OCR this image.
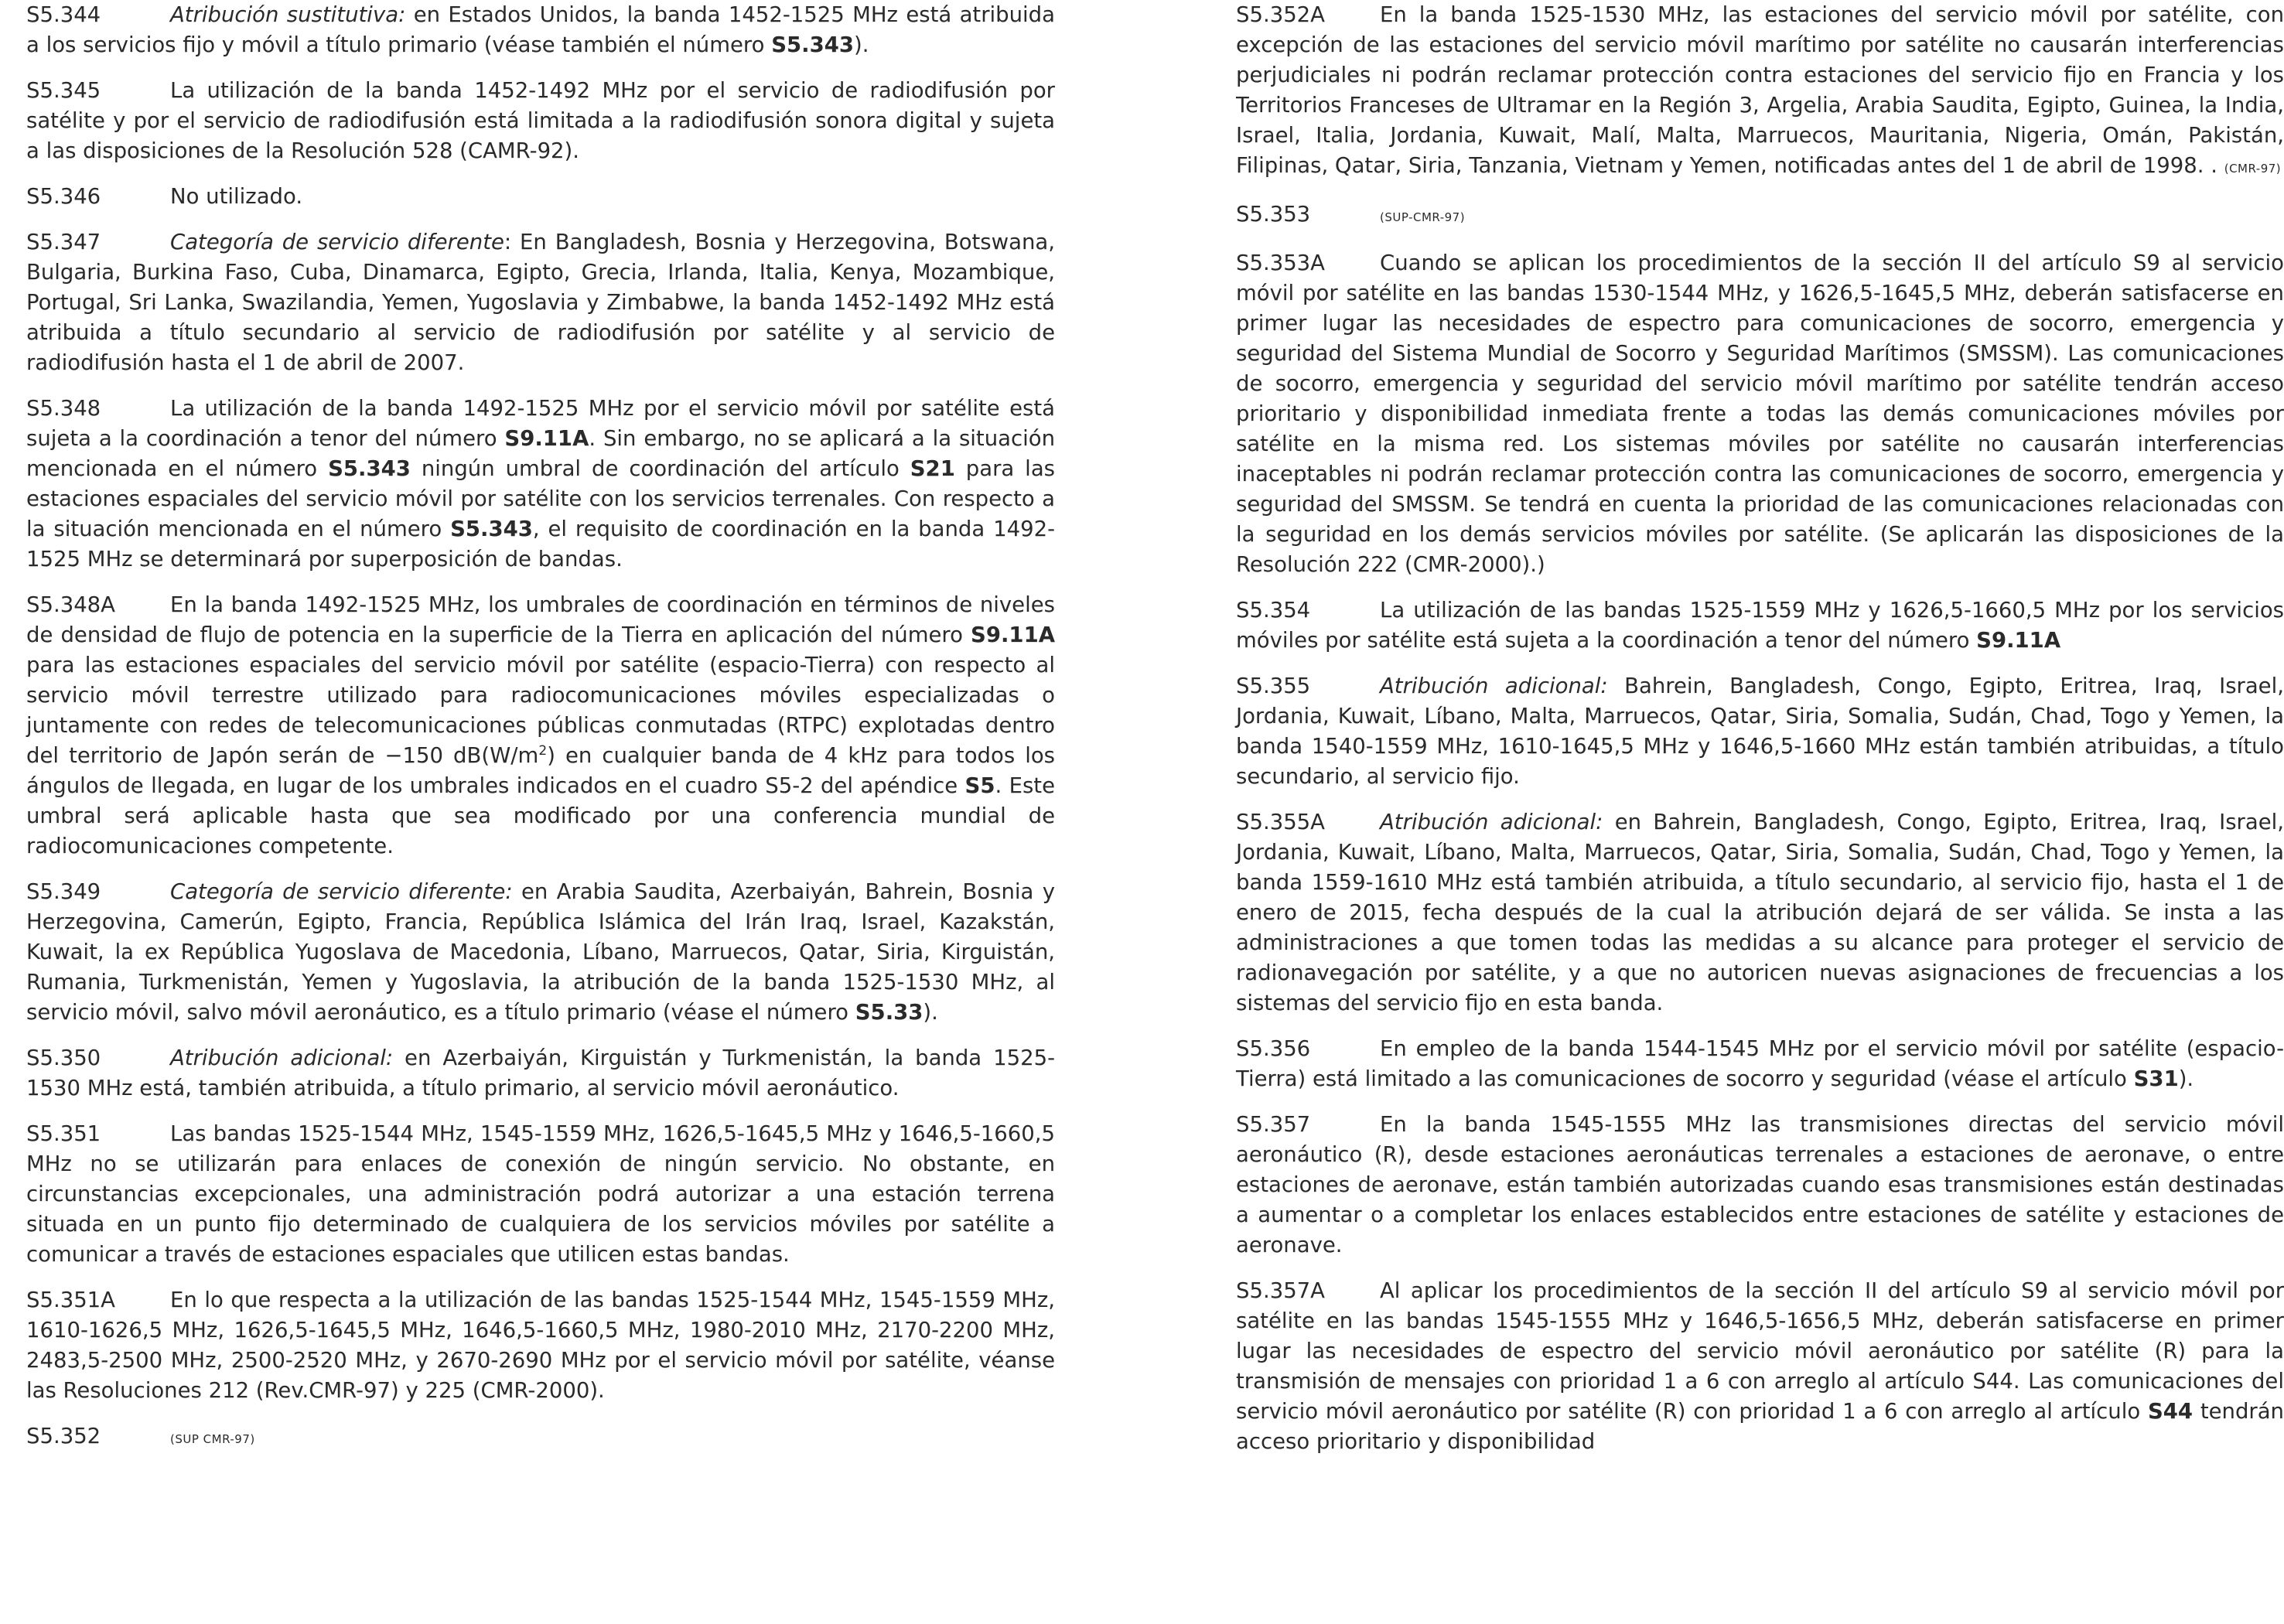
S5.344	Atribución sustitutiva: en Estados Unidos, la banda 1452-1525 MHz está atribuida a los servicios fijo y móvil a título primario (véase también el número S5.343).

S5.345	La utilización de la banda 1452-1492 MHz por el servicio de radiodifusión por satélite y por el servicio de radiodifusión está limitada a la radiodifusión sonora digital y sujeta a las disposiciones de la Resolución 528 (CAMR-92).

S5.346	No utilizado.

S5.347	Categoría de servicio diferente: En Bangladesh, Bosnia y Herzegovina, Botswana, Bulgaria, Burkina Faso, Cuba, Dinamarca, Egipto, Grecia, Irlanda, Italia, Kenya, Mozambique, Portugal, Sri Lanka, Swazilandia, Yemen, Yugoslavia y Zimbabwe, la banda 1452-1492 MHz está atribuida a título secundario al servicio de radiodifusión por satélite y al servicio de radiodifusión hasta el 1 de abril de 2007.

S5.348	La utilización de la banda 1492-1525 MHz por el servicio móvil por satélite está sujeta a la coordinación a tenor del número S9.11A. Sin embargo, no se aplicará a la situación mencionada en el número S5.343 ningún umbral de coordinación del artículo S21 para las estaciones espaciales del servicio móvil por satélite con los servicios terrenales. Con respecto a la situación mencionada en el número S5.343, el requisito de coordinación en la banda 1492-1525 MHz se determinará por superposición de bandas.

S5.348A	En la banda 1492-1525 MHz, los umbrales de coordinación en términos de niveles de densidad de flujo de potencia en la superficie de la Tierra en aplicación del número S9.11A para las estaciones espaciales del servicio móvil por satélite (espacio-Tierra) con respecto al servicio móvil terrestre utilizado para radiocomunicaciones móviles especializadas o juntamente con redes de telecomunicaciones públicas conmutadas (RTPC) explotadas dentro del territorio de Japón serán de −150 $dB(W/m^2)$ en cualquier banda de 4 kHz para todos los ángulos de llegada, en lugar de los umbrales indicados en el cuadro S5-2 del apéndice S5. Este umbral será aplicable hasta que sea modificado por una conferencia mundial de radiocomunicaciones competente.

S5.349	Categoría de servicio diferente: en Arabia Saudita, Azerbaiyán, Bahrein, Bosnia y Herzegovina, Camerún, Egipto, Francia, República Islámica del Irán Iraq, Israel, Kazakstán, Kuwait, la ex República Yugoslava de Macedonia, Líbano, Marruecos, Qatar, Siria, Kirguistán, Rumania, Turkmenistán, Yemen y Yugoslavia, la atribución de la banda 1525-1530 MHz, al servicio móvil, salvo móvil aeronáutico, es a título primario (véase el número S5.33).

S5.350	Atribución adicional: en Azerbaiyán, Kirguistán y Turkmenistán, la banda 1525-1530 MHz está, también atribuida, a título primario, al servicio móvil aeronáutico.

S5.351	Las bandas 1525-1544 MHz, 1545-1559 MHz, 1626,5-1645,5 MHz y 1646,5-1660,5 MHz no se utilizarán para enlaces de conexión de ningún servicio. No obstante, en circunstancias excepcionales, una administración podrá autorizar a una estación terrena situada en un punto fijo determinado de cualquiera de los servicios móviles por satélite a comunicar a través de estaciones espaciales que utilicen estas bandas.

S5.351A	En lo que respecta a la utilización de las bandas 1525-1544 MHz, 1545-1559 MHz, 1610-1626,5 MHz, 1626,5-1645,5 MHz, 1646,5-1660,5 MHz, 1980-2010 MHz, 2170-2200 MHz, 2483,5-2500 MHz, 2500-2520 MHz, y 2670-2690 MHz por el servicio móvil por satélite, véanse las Resoluciones 212 (Rev.CMR-97) y 225 (CMR-2000).

S5.352	(SUP CMR-97)

S5.352A	En la banda 1525-1530 MHz, las estaciones del servicio móvil por satélite, con excepción de las estaciones del servicio móvil marítimo por satélite no causarán interferencias perjudiciales ni podrán reclamar protección contra estaciones del servicio fijo en Francia y los Territorios Franceses de Ultramar en la Región 3, Argelia, Arabia Saudita, Egipto, Guinea, la India, Israel, Italia, Jordania, Kuwait, Malí, Malta, Marruecos, Mauritania, Nigeria, Omán, Pakistán, Filipinas, Qatar, Siria, Tanzania, Vietnam y Yemen, notificadas antes del 1 de abril de 1998. . (CMR-97)

S5.353	(SUP-CMR-97)

S5.353A	Cuando se aplican los procedimientos de la sección II del artículo S9 al servicio móvil por satélite en las bandas 1530-1544 MHz, y 1626,5-1645,5 MHz, deberán satisfacerse en primer lugar las necesidades de espectro para comunicaciones de socorro, emergencia y seguridad del Sistema Mundial de Socorro y Seguridad Marítimos (SMSSM). Las comunicaciones de socorro, emergencia y seguridad del servicio móvil marítimo por satélite tendrán acceso prioritario y disponibilidad inmediata frente a todas las demás comunicaciones móviles por satélite en la misma red. Los sistemas móviles por satélite no causarán interferencias inaceptables ni podrán reclamar protección contra las comunicaciones de socorro, emergencia y seguridad del SMSSM. Se tendrá en cuenta la prioridad de las comunicaciones relacionadas con la seguridad en los demás servicios móviles por satélite. (Se aplicarán las disposiciones de la Resolución 222 (CMR-2000).)

S5.354	La utilización de las bandas 1525-1559 MHz y 1626,5-1660,5 MHz por los servicios móviles por satélite está sujeta a la coordinación a tenor del número S9.11A

S5.355	Atribución adicional: Bahrein, Bangladesh, Congo, Egipto, Eritrea, Iraq, Israel, Jordania, Kuwait, Líbano, Malta, Marruecos, Qatar, Siria, Somalia, Sudán, Chad, Togo y Yemen, la banda 1540-1559 MHz, 1610-1645,5 MHz y 1646,5-1660 MHz están también atribuidas, a título secundario, al servicio fijo.

S5.355A	Atribución adicional: en Bahrein, Bangladesh, Congo, Egipto, Eritrea, Iraq, Israel, Jordania, Kuwait, Líbano, Malta, Marruecos, Qatar, Siria, Somalia, Sudán, Chad, Togo y Yemen, la banda 1559-1610 MHz está también atribuida, a título secundario, al servicio fijo, hasta el 1 de enero de 2015, fecha después de la cual la atribución dejará de ser válida. Se insta a las administraciones a que tomen todas las medidas a su alcance para proteger el servicio de radionavegación por satélite, y a que no autoricen nuevas asignaciones de frecuencias a los sistemas del servicio fijo en esta banda.

S5.356	En empleo de la banda 1544-1545 MHz por el servicio móvil por satélite (espacio-Tierra) está limitado a las comunicaciones de socorro y seguridad (véase el artículo S31).

S5.357	En la banda 1545-1555 MHz las transmisiones directas del servicio móvil aeronáutico (R), desde estaciones aeronáuticas terrenales a estaciones de aeronave, o entre estaciones de aeronave, están también autorizadas cuando esas transmisiones están destinadas a aumentar o a completar los enlaces establecidos entre estaciones de satélite y estaciones de aeronave.

S5.357A	Al aplicar los procedimientos de la sección II del artículo S9 al servicio móvil por satélite en las bandas 1545-1555 MHz y 1646,5-1656,5 MHz, deberán satisfacerse en primer lugar las necesidades de espectro del servicio móvil aeronáutico por satélite (R) para la transmisión de mensajes con prioridad 1 a 6 con arreglo al artículo S44. Las comunicaciones del servicio móvil aeronáutico por satélite (R) con prioridad 1 a 6 con arreglo al artículo S44 tendrán acceso prioritario y disponibilidad
